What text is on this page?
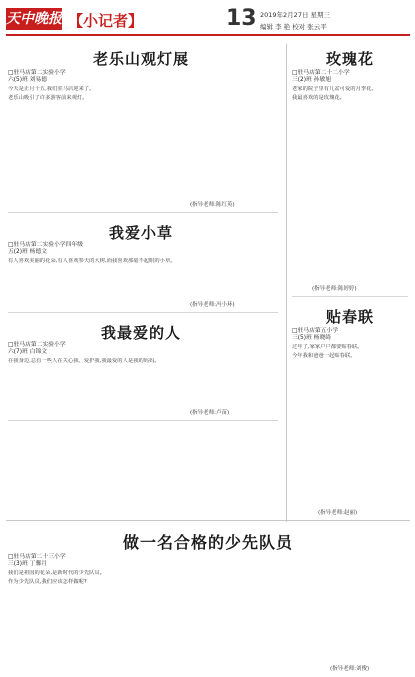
天中晚报 【小记者】	13 2019年2月27日 星期三
编辑 李 艳 校对 张云平
老乐山观灯展
□驻马店第二实验小学
六(5)班 刘易德

今天是正月十五,我们驻马店迎来了。

老乐山吸引了许多游客前来观灯。

(指导老师:陈红英)
我爱小草
□驻马店第二实验小学四年级
五(2)班 杨德文

有人喜欢美丽的花朵,有人喜欢参天的大树,而我喜欢那毫不起眼的小草。

(指导老师:冯小环)
我最爱的人
□驻马店第二实验小学
六(7)班 白锦文

在我身边,总有一些人在关心我、爱护我,我最爱的人是我的妈妈。

(指导老师:卢苗)
玫瑰花
□驻马店第二十二小学
三(2)班 孙敏旭

老家的院子里有几盆可爱的月季花。

我最喜欢的是玫瑰花。

(指导老师:陈婷婷)
贴春联
□驻马店第五小学
三(5)班 杨晓绮

过年了,家家户户都要贴春联。

今年我和爸爸一起贴春联。

(指导老师:赵丽)
做一名合格的少先队员
□驻马店第二十三小学
三(3)班 丁馨月

我们是祖国的花朵,是新时代的少先队员。

作为少先队员,我们应该怎样做呢?

(指导老师:刘俊)
